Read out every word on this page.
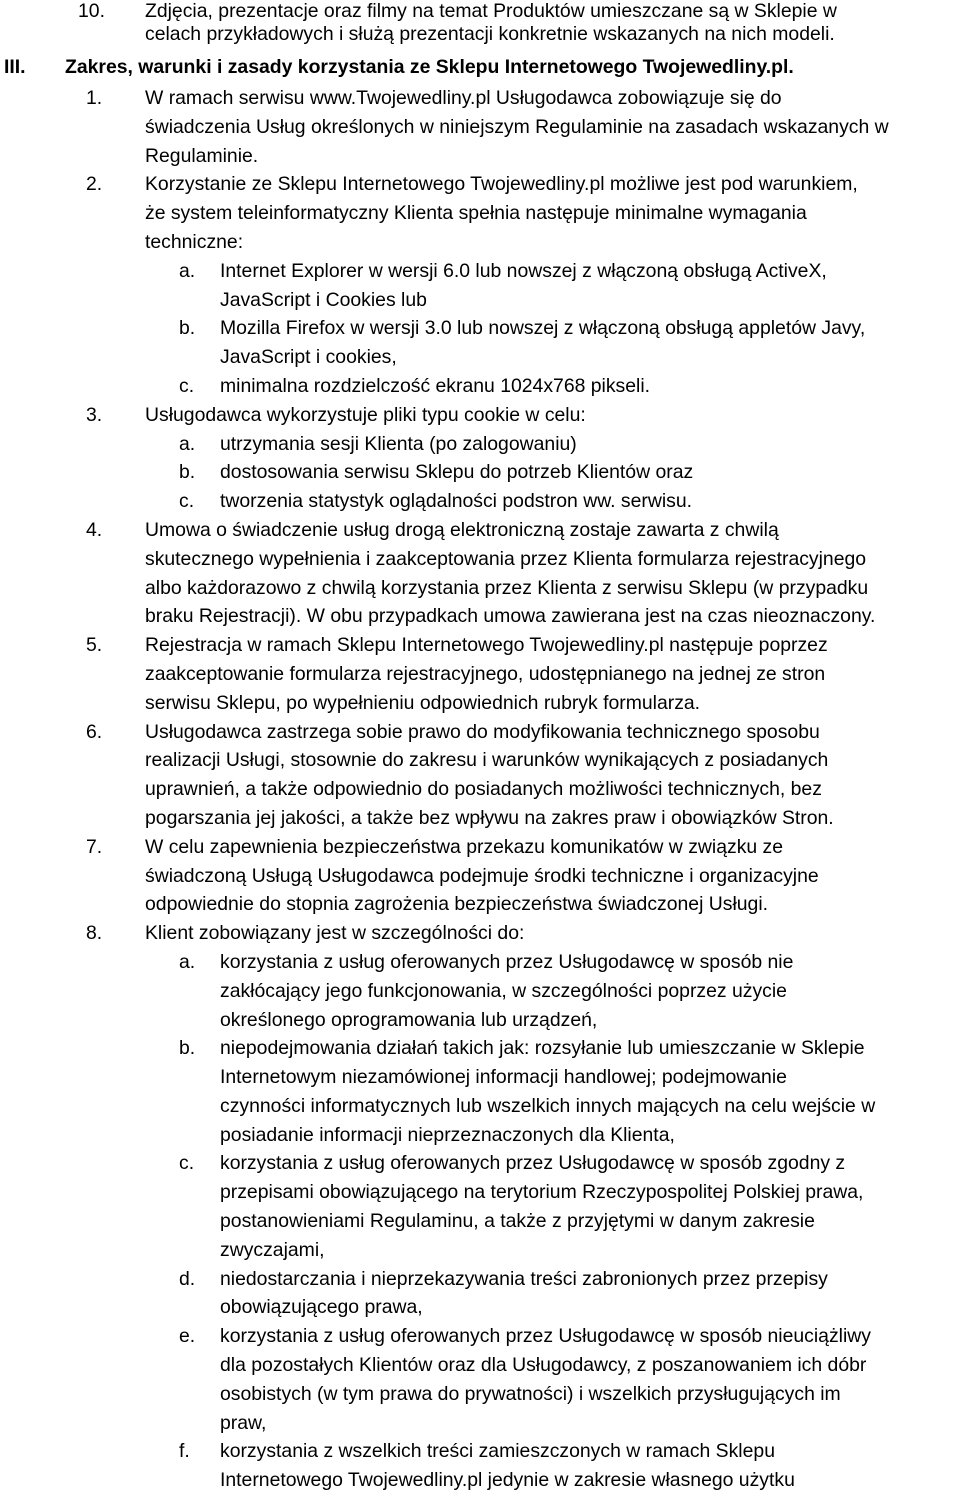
10. Zdjęcia, prezentacje oraz filmy na temat Produktów umieszczane są w Sklepie w
celach przykładowych i służą prezentacji konkretnie wskazanych na nich modeli.
III. Zakres, warunki i zasady korzystania ze Sklepu Internetowego Twojewedliny.pl.
1. W ramach serwisu www.Twojewedliny.pl Usługodawca zobowiązuje się do
świadczenia Usług określonych w niniejszym Regulaminie na zasadach wskazanych w
Regulaminie.
2. Korzystanie ze Sklepu Internetowego Twojewedliny.pl możliwe jest pod warunkiem,
że system teleinformatyczny Klienta spełnia następuje minimalne wymagania
techniczne:
a. Internet Explorer w wersji 6.0 lub nowszej z włączoną obsługą ActiveX,
JavaScript i Cookies lub
b. Mozilla Firefox w wersji 3.0 lub nowszej z włączoną obsługą appletów Javy,
JavaScript i cookies,
c. minimalna rozdzielczość ekranu 1024x768 pikseli.
3. Usługodawca wykorzystuje pliki typu cookie w celu:
a. utrzymania sesji Klienta (po zalogowaniu)
b. dostosowania serwisu Sklepu do potrzeb Klientów oraz
c. tworzenia statystyk oglądalności podstron ww. serwisu.
4. Umowa o świadczenie usług drogą elektroniczną zostaje zawarta z chwilą
skutecznego wypełnienia i zaakceptowania przez Klienta formularza rejestracyjnego
albo każdorazowo z chwilą korzystania przez Klienta z serwisu Sklepu (w przypadku
braku Rejestracji). W obu przypadkach umowa zawierana jest na czas nieoznaczony.
5. Rejestracja w ramach Sklepu Internetowego Twojewedliny.pl następuje poprzez
zaakceptowanie formularza rejestracyjnego, udostępnianego na jednej ze stron
serwisu Sklepu, po wypełnieniu odpowiednich rubryk formularza.
6. Usługodawca zastrzega sobie prawo do modyfikowania technicznego sposobu
realizacji Usługi, stosownie do zakresu i warunków wynikających z posiadanych
uprawnień, a także odpowiednio do posiadanych możliwości technicznych, bez
pogarszania jej jakości, a także bez wpływu na zakres praw i obowiązków Stron.
7. W celu zapewnienia bezpieczeństwa przekazu komunikatów w związku ze
świadczoną Usługą Usługodawca podejmuje środki techniczne i organizacyjne
odpowiednie do stopnia zagrożenia bezpieczeństwa świadczonej Usługi.
8. Klient zobowiązany jest w szczególności do:
a. korzystania z usług oferowanych przez Usługodawcę w sposób nie
zakłócający jego funkcjonowania, w szczególności poprzez użycie
określonego oprogramowania lub urządzeń,
b. niepodejmowania działań takich jak: rozsyłanie lub umieszczanie w Sklepie
Internetowym niezamówionej informacji handlowej; podejmowanie
czynności informatycznych lub wszelkich innych mających na celu wejście w
posiadanie informacji nieprzeznaczonych dla Klienta,
c. korzystania z usług oferowanych przez Usługodawcę w sposób zgodny z
przepisami obowiązującego na terytorium Rzeczypospolitej Polskiej prawa,
postanowieniami Regulaminu, a także z przyjętymi w danym zakresie
zwyczajami,
d. niedostarczania i nieprzekazywania treści zabronionych przez przepisy
obowiązującego prawa,
e. korzystania z usług oferowanych przez Usługodawcę w sposób nieuciążliwy
dla pozostałych Klientów oraz dla Usługodawcy, z poszanowaniem ich dóbr
osobistych (w tym prawa do prywatności) i wszelkich przysługujących im
praw,
f. korzystania z wszelkich treści zamieszczonych w ramach Sklepu
Internetowego Twojewedliny.pl jedynie w zakresie własnego użytku
